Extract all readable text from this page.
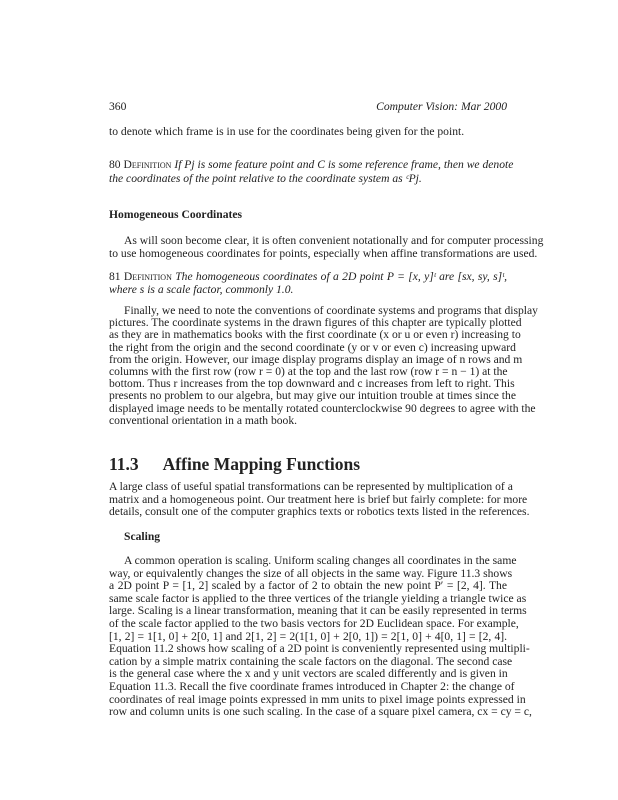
360	Computer Vision: Mar 2000
to denote which frame is in use for the coordinates being given for the point.
80 Definition If Pj is some feature point and C is some reference frame, then we denote
the coordinates of the point relative to the coordinate system as ᶜPj.
Homogeneous Coordinates
As will soon become clear, it is often convenient notationally and for computer processing
to use homogeneous coordinates for points, especially when affine transformations are used.
81 Definition The homogeneous coordinates of a 2D point P = [x, y]ᵗ are [sx, sy, s]ᵗ,
where s is a scale factor, commonly 1.0.
Finally, we need to note the conventions of coordinate systems and programs that display
pictures. The coordinate systems in the drawn figures of this chapter are typically plotted
as they are in mathematics books with the first coordinate (x or u or even r) increasing to
the right from the origin and the second coordinate (y or v or even c) increasing upward
from the origin. However, our image display programs display an image of n rows and m
columns with the first row (row r = 0) at the top and the last row (row r = n − 1) at the
bottom. Thus r increases from the top downward and c increases from left to right. This
presents no problem to our algebra, but may give our intuition trouble at times since the
displayed image needs to be mentally rotated counterclockwise 90 degrees to agree with the
conventional orientation in a math book.
11.3 Affine Mapping Functions
A large class of useful spatial transformations can be represented by multiplication of a
matrix and a homogeneous point. Our treatment here is brief but fairly complete: for more
details, consult one of the computer graphics texts or robotics texts listed in the references.
Scaling
A common operation is scaling. Uniform scaling changes all coordinates in the same
way, or equivalently changes the size of all objects in the same way. Figure 11.3 shows
a 2D point P = [1, 2] scaled by a factor of 2 to obtain the new point P′ = [2, 4]. The
same scale factor is applied to the three vertices of the triangle yielding a triangle twice as
large. Scaling is a linear transformation, meaning that it can be easily represented in terms
of the scale factor applied to the two basis vectors for 2D Euclidean space. For example,
[1, 2] = 1[1, 0] + 2[0, 1] and 2[1, 2] = 2(1[1, 0] + 2[0, 1]) = 2[1, 0] + 4[0, 1] = [2, 4].
Equation 11.2 shows how scaling of a 2D point is conveniently represented using multipli-
cation by a simple matrix containing the scale factors on the diagonal. The second case
is the general case where the x and y unit vectors are scaled differently and is given in
Equation 11.3. Recall the five coordinate frames introduced in Chapter 2: the change of
coordinates of real image points expressed in mm units to pixel image points expressed in
row and column units is one such scaling. In the case of a square pixel camera, cx = cy = c,
